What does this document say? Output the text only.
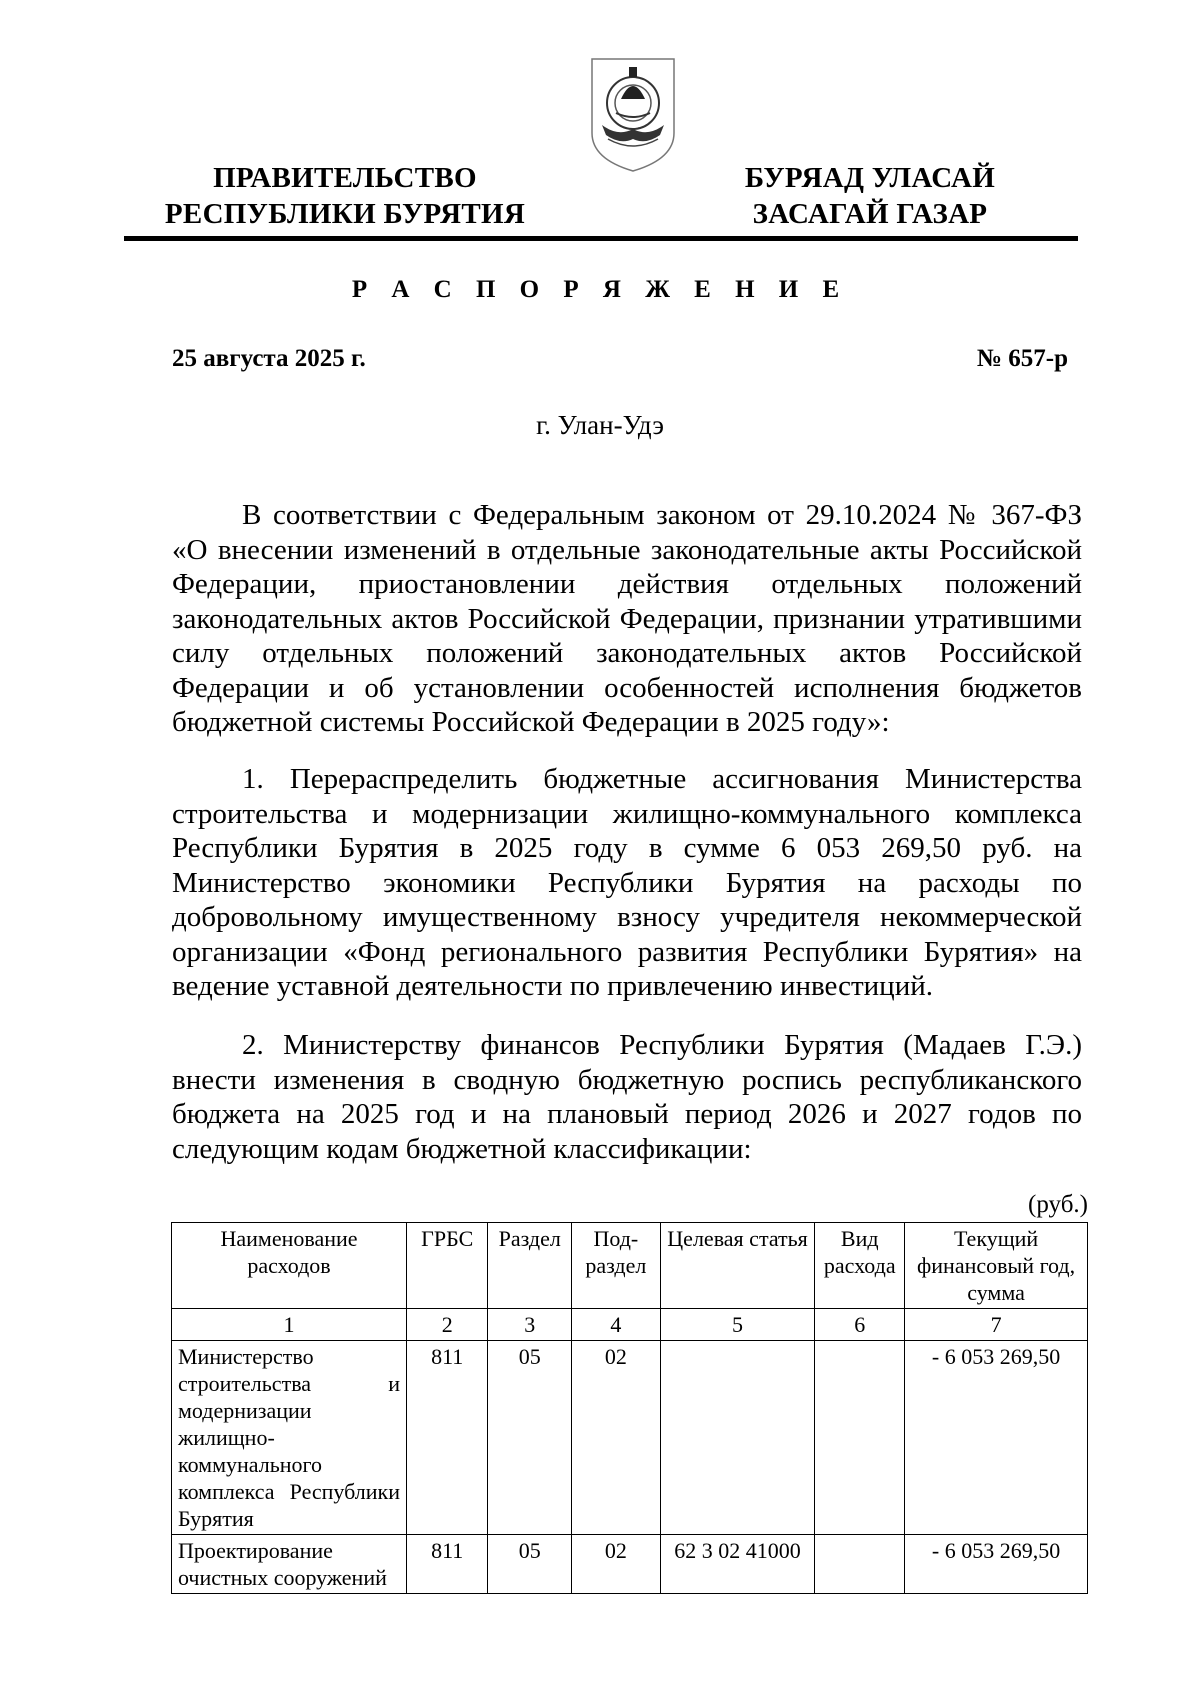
ПРАВИТЕЛЬСТВО
РЕСПУБЛИКИ БУРЯТИЯ
БУРЯАД УЛАСАЙ
ЗАСАГАЙ ГАЗАР
Р А С П О Р Я Ж Е Н И Е
25 августа 2025 г.	№ 657-р
г. Улан-Удэ

В соответствии с Федеральным законом от 29.10.2024 № 367-ФЗ «О внесении изменений в отдельные законодательные акты Российской Федерации, приостановлении действия отдельных положений законодательных актов Российской Федерации, признании утратившими силу отдельных положений законодательных актов Российской Федерации и об установлении особенностей исполнения бюджетов бюджетной системы Российской Федерации в 2025 году»:

1. Перераспределить бюджетные ассигнования Министерства строительства и модернизации жилищно-коммунального комплекса Республики Бурятия в 2025 году в сумме 6 053 269,50 руб. на Министерство экономики Республики Бурятия на расходы по добровольному имущественному взносу учредителя некоммерческой организации «Фонд регионального развития Республики Бурятия» на ведение уставной деятельности по привлечению инвестиций.

2. Министерству финансов Республики Бурятия (Мадаев Г.Э.) внести изменения в сводную бюджетную роспись республиканского бюджета на 2025 год и на плановый период 2026 и 2027 годов по следующим кодам бюджетной классификации:

(руб.)
Наименование расходов	ГРБС	Раздел	Под-раздел	Целевая статья	Вид расхода	Текущий финансовый год, сумма
1	2	3	4	5	6	7
Министерство строительства и модернизации жилищно-коммунального комплекса Республики Бурятия	811	05	02			- 6 053 269,50
Проектирование очистных сооружений	811	05	02	62 3 02 41000		- 6 053 269,50
